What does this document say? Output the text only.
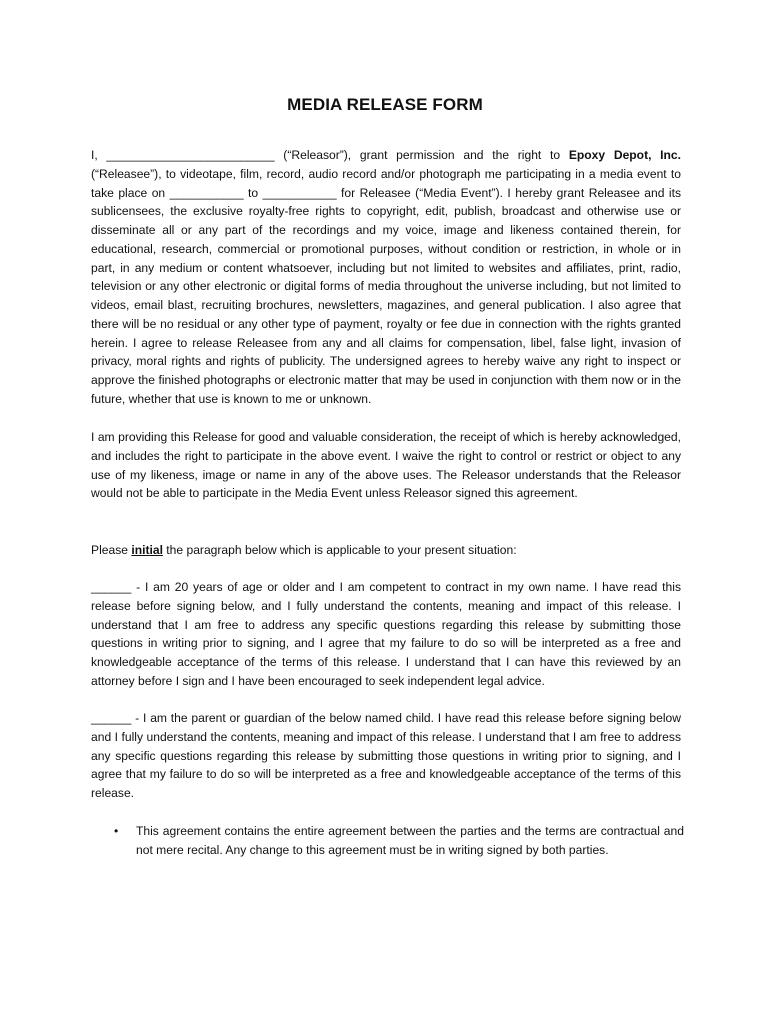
MEDIA RELEASE FORM

I, _________________________ (“Releasor”), grant permission and the right to Epoxy Depot, Inc. (“Releasee”), to videotape, film, record, audio record and/or photograph me participating in a media event to take place on ___________ to ___________ for Releasee (“Media Event”). I hereby grant Releasee and its sublicensees, the exclusive royalty-free rights to copyright, edit, publish, broadcast and otherwise use or disseminate all or any part of the recordings and my voice, image and likeness contained therein, for educational, research, commercial or promotional purposes, without condition or restriction, in whole or in part, in any medium or content whatsoever, including but not limited to websites and affiliates, print, radio, television or any other electronic or digital forms of media throughout the universe including, but not limited to videos, email blast, recruiting brochures, newsletters, magazines, and general publication. I also agree that there will be no residual or any other type of payment, royalty or fee due in connection with the rights granted herein. I agree to release Releasee from any and all claims for compensation, libel, false light, invasion of privacy, moral rights and rights of publicity. The undersigned agrees to hereby waive any right to inspect or approve the finished photographs or electronic matter that may be used in conjunction with them now or in the future, whether that use is known to me or unknown.

I am providing this Release for good and valuable consideration, the receipt of which is hereby acknowledged, and includes the right to participate in the above event. I waive the right to control or restrict or object to any use of my likeness, image or name in any of the above uses. The Releasor understands that the Releasor would not be able to participate in the Media Event unless Releasor signed this agreement.

Please initial the paragraph below which is applicable to your present situation:

______ - I am 20 years of age or older and I am competent to contract in my own name. I have read this release before signing below, and I fully understand the contents, meaning and impact of this release. I understand that I am free to address any specific questions regarding this release by submitting those questions in writing prior to signing, and I agree that my failure to do so will be interpreted as a free and knowledgeable acceptance of the terms of this release. I understand that I can have this reviewed by an attorney before I sign and I have been encouraged to seek independent legal advice.

______ - I am the parent or guardian of the below named child. I have read this release before signing below and I fully understand the contents, meaning and impact of this release. I understand that I am free to address any specific questions regarding this release by submitting those questions in writing prior to signing, and I agree that my failure to do so will be interpreted as a free and knowledgeable acceptance of the terms of this release.

• This agreement contains the entire agreement between the parties and the terms are contractual and not mere recital. Any change to this agreement must be in writing signed by both parties.
